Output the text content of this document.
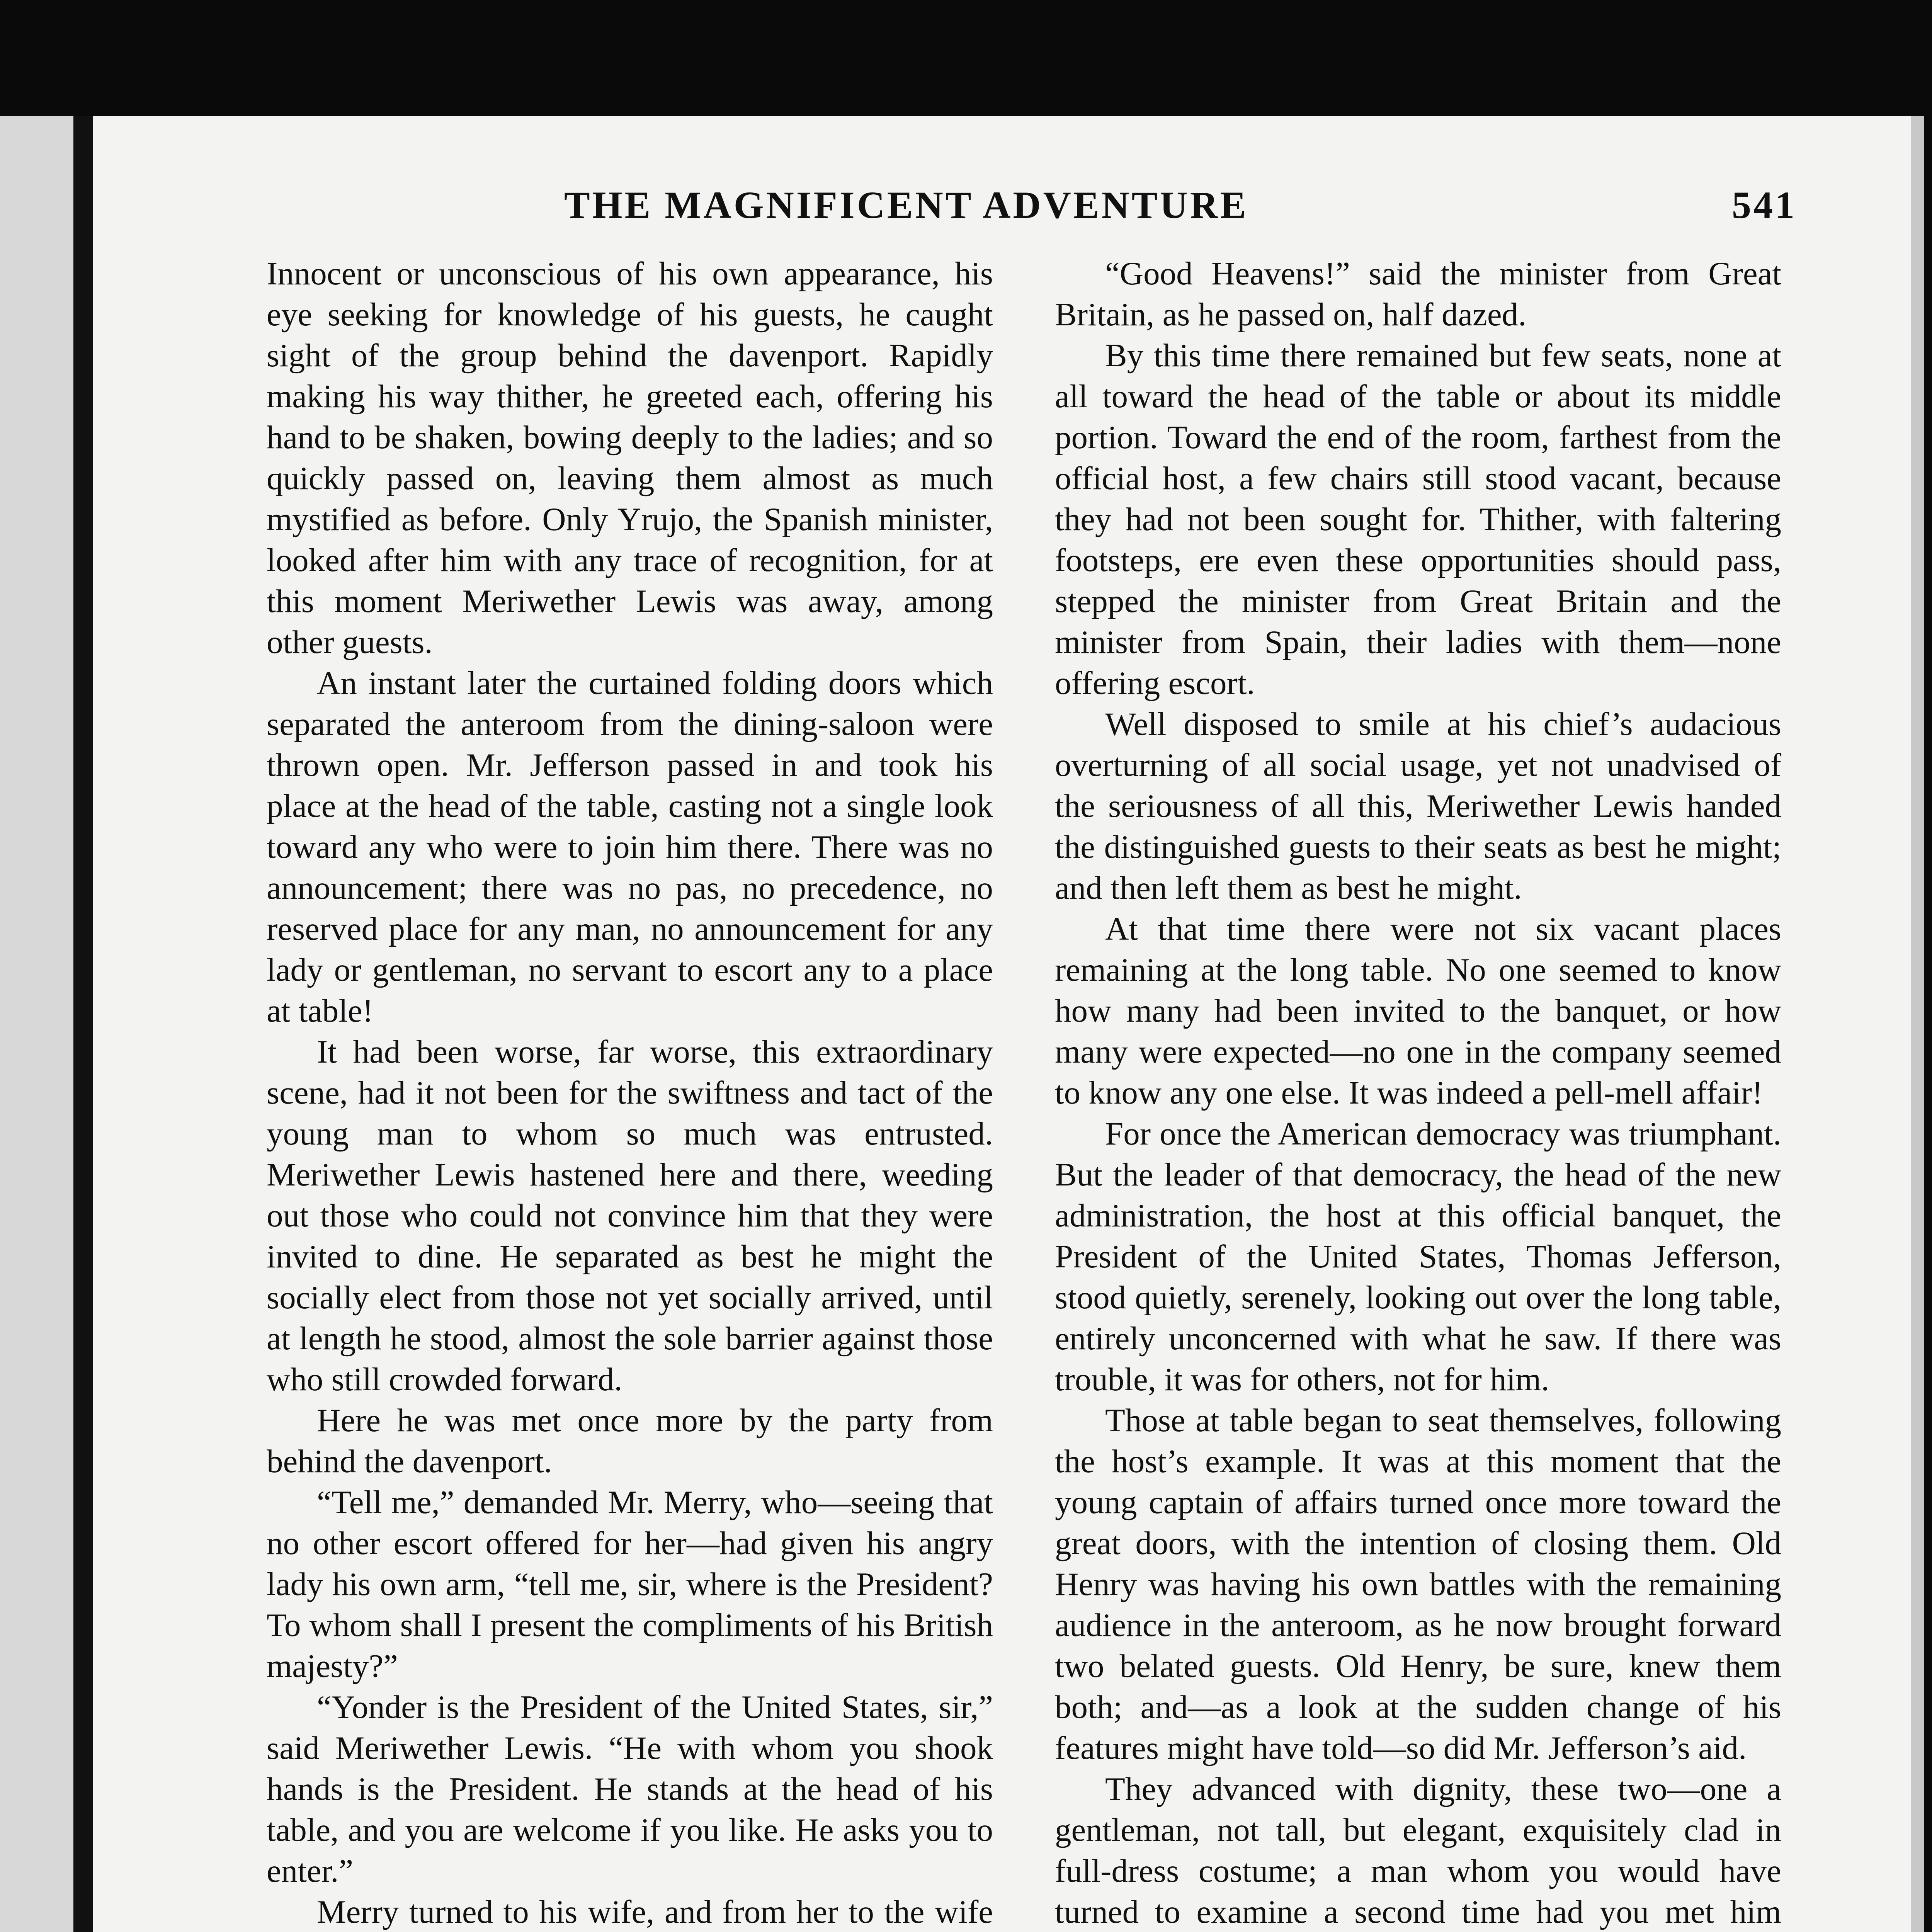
THE MAGNIFICENT ADVENTURE	541

Innocent or unconscious of his own appearance, his eye seeking for knowledge of his guests, he caught sight of the group behind the davenport. Rapidly making his way thither, he greeted each, offering his hand to be shaken, bowing deeply to the ladies; and so quickly passed on, leaving them almost as much mystified as before. Only Yrujo, the Spanish minister, looked after him with any trace of recognition, for at this moment Meriwether Lewis was away, among other guests.

An instant later the curtained folding doors which separated the anteroom from the dining-saloon were thrown open. Mr. Jefferson passed in and took his place at the head of the table, casting not a single look toward any who were to join him there. There was no announcement; there was no pas, no precedence, no reserved place for any man, no announcement for any lady or gentleman, no servant to escort any to a place at table!

It had been worse, far worse, this extraordinary scene, had it not been for the swiftness and tact of the young man to whom so much was entrusted. Meriwether Lewis hastened here and there, weeding out those who could not convince him that they were invited to dine. He separated as best he might the socially elect from those not yet socially arrived, until at length he stood, almost the sole barrier against those who still crowded forward.

Here he was met once more by the party from behind the davenport.

“Tell me,” demanded Mr. Merry, who—seeing that no other escort offered for her—had given his angry lady his own arm, “tell me, sir, where is the President? To whom shall I present the compliments of his British majesty?”

“Yonder is the President of the United States, sir,” said Meriwether Lewis. “He with whom you shook hands is the President. He stands at the head of his table, and you are welcome if you like. He asks you to enter.”

Merry turned to his wife, and from her to the wife

“Good Heavens!” said the minister from Great Britain, as he passed on, half dazed.

By this time there remained but few seats, none at all toward the head of the table or about its middle portion. Toward the end of the room, farthest from the official host, a few chairs still stood vacant, because they had not been sought for. Thither, with faltering footsteps, ere even these opportunities should pass, stepped the minister from Great Britain and the minister from Spain, their ladies with them—none offering escort.

Well disposed to smile at his chief’s audacious overturning of all social usage, yet not unadvised of the seriousness of all this, Meriwether Lewis handed the distinguished guests to their seats as best he might; and then left them as best he might.

At that time there were not six vacant places remaining at the long table. No one seemed to know how many had been invited to the banquet, or how many were expected—no one in the company seemed to know any one else. It was indeed a pell-mell affair!

For once the American democracy was triumphant. But the leader of that democracy, the head of the new administration, the host at this official banquet, the President of the United States, Thomas Jefferson, stood quietly, serenely, looking out over the long table, entirely unconcerned with what he saw. If there was trouble, it was for others, not for him.

Those at table began to seat themselves, following the host’s example. It was at this moment that the young captain of affairs turned once more toward the great doors, with the intention of closing them. Old Henry was having his own battles with the remaining audience in the anteroom, as he now brought forward two belated guests. Old Henry, be sure, knew them both; and—as a look at the sudden change of his features might have told—so did Mr. Jefferson’s aid.

They advanced with dignity, these two—one a gentleman, not tall, but elegant, exquisitely clad in full-dress costume; a man whom you would have turned to examine a second time had you met him
